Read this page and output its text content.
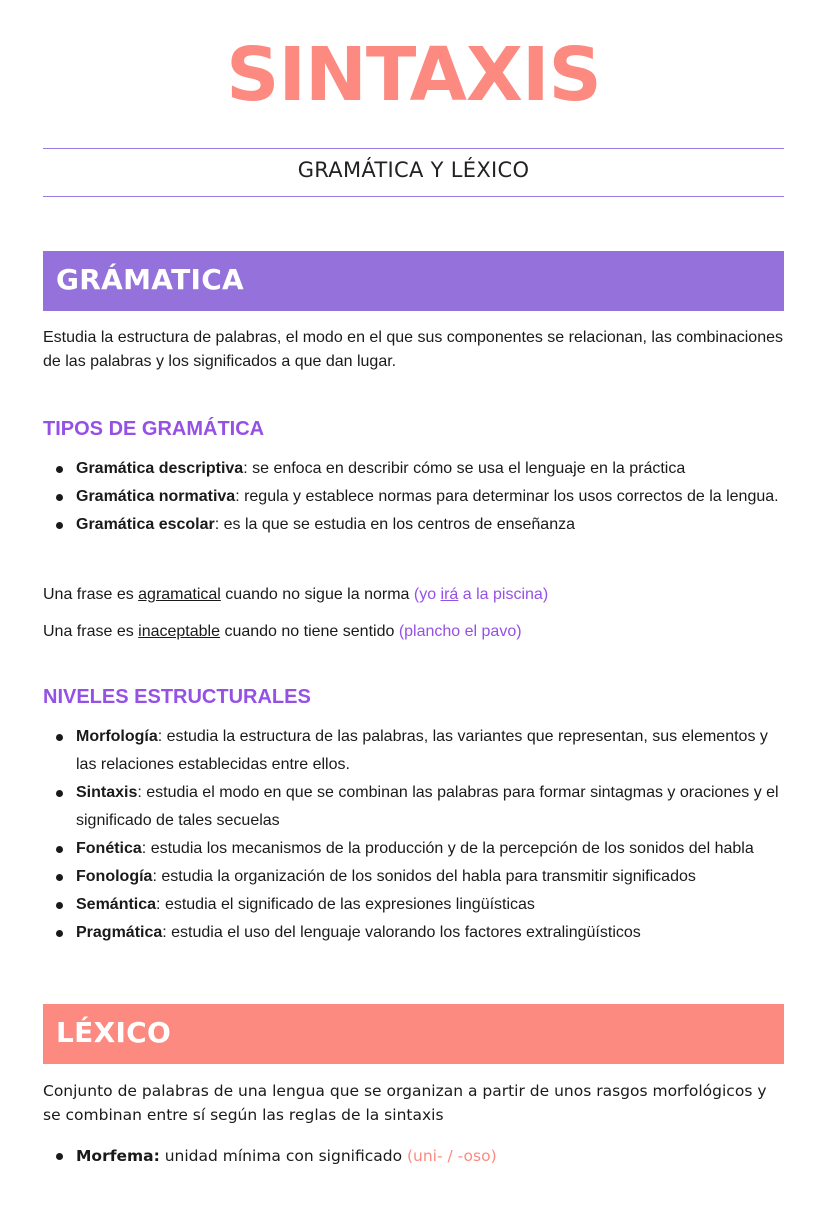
SINTAXIS
GRAMÁTICA Y LÉXICO
GRÁMATICA

Estudia la estructura de palabras, el modo en el que sus componentes se relacionan, las combinaciones de las palabras y los significados a que dan lugar.

TIPOS DE GRAMÁTICA
Gramática descriptiva: se enfoca en describir cómo se usa el lenguaje en la práctica
Gramática normativa: regula y establece normas para determinar los usos correctos de la lengua.
Gramática escolar: es la que se estudia en los centros de enseñanza

Una frase es agramatical cuando no sigue la norma (yo irá a la piscina)

Una frase es inaceptable cuando no tiene sentido (plancho el pavo)

NIVELES ESTRUCTURALES
Morfología: estudia la estructura de las palabras, las variantes que representan, sus elementos y las relaciones establecidas entre ellos.
Sintaxis: estudia el modo en que se combinan las palabras para formar sintagmas y oraciones y el significado de tales secuelas
Fonética: estudia los mecanismos de la producción y de la percepción de los sonidos del habla
Fonología: estudia la organización de los sonidos del habla para transmitir significados
Semántica: estudia el significado de las expresiones lingüísticas
Pragmática: estudia el uso del lenguaje valorando los factores extralingüísticos
LÉXICO

Conjunto de palabras de una lengua que se organizan a partir de unos rasgos morfológicos y se combinan entre sí según las reglas de la sintaxis

Morfema: unidad mínima con significado (uni- / -oso)
